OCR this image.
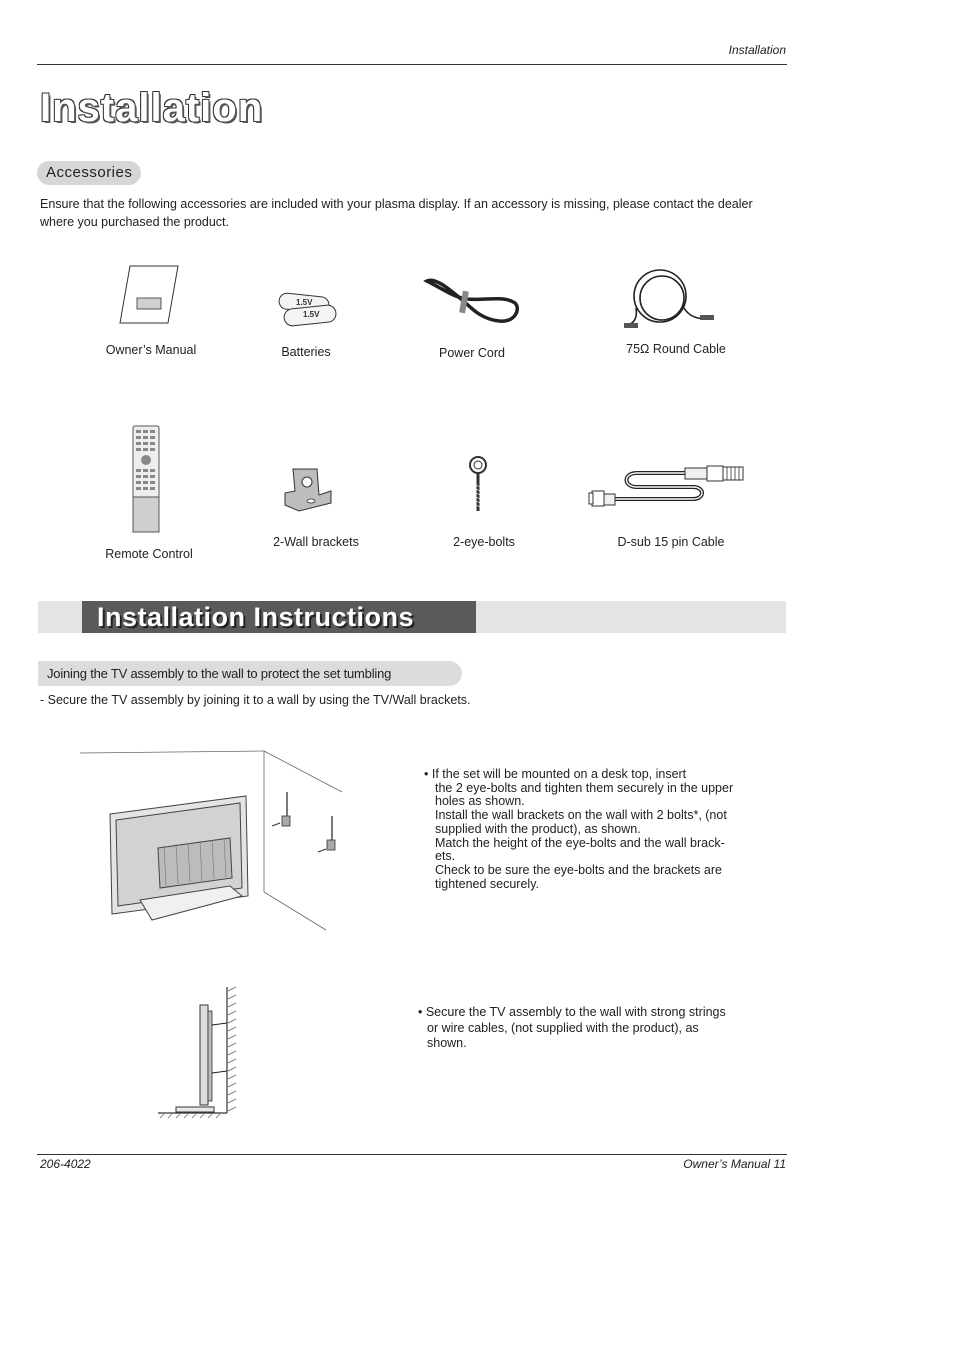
Installation
Installation
Accessories
Ensure that the following accessories are included with your plasma display. If an accessory is missing, please contact the dealer where you purchased the product.
Owner’s Manual
1.5V
1.5V
Batteries	Power Cord	75Ω Round Cable
Remote Control
2-Wall brackets	2-eye-bolts	D-sub 15 pin Cable
Installation Instructions
Joining the TV assembly to the wall to protect the set tumbling
- Secure the TV assembly by joining it to a wall by using the TV/Wall brackets.
• If the set will be mounted on a desk top, insert
the 2 eye-bolts and tighten them securely in the upper
holes as shown.
Install the wall brackets on the wall with 2 bolts*, (not
supplied with the product), as shown.
Match the height of the eye-bolts and the wall brack-
ets.
Check to be sure the eye-bolts and the brackets are
tightened securely.
• Secure the TV assembly to the wall with strong strings
or wire cables, (not supplied with the product), as
shown.
206-4022	Owner’s Manual 11
